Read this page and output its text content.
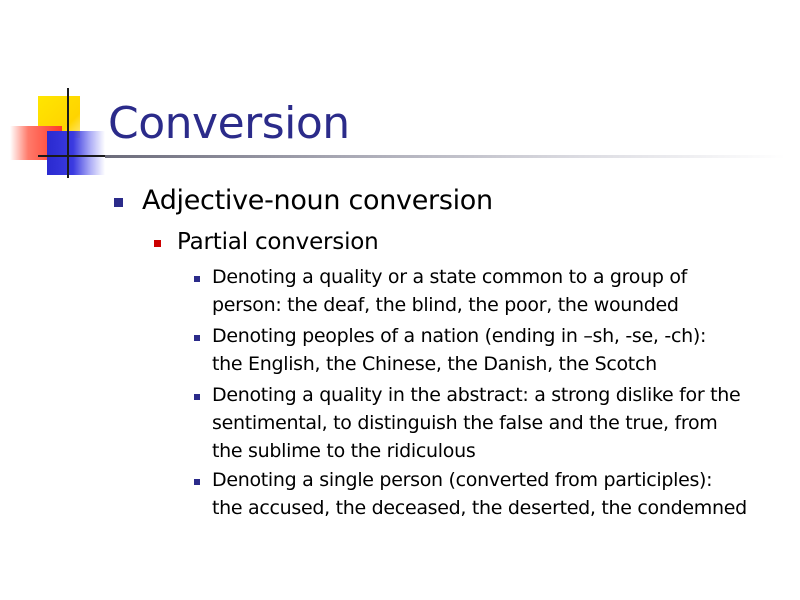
Conversion
Adjective-noun conversion
Partial conversion
Denoting a quality or a state common to a group of
person: the deaf, the blind, the poor, the wounded
Denoting peoples of a nation (ending in –sh, -se, -ch):
the English, the Chinese, the Danish, the Scotch
Denoting a quality in the abstract: a strong dislike for the
sentimental, to distinguish the false and the true, from
the sublime to the ridiculous
Denoting a single person (converted from participles):
the accused, the deceased, the deserted, the condemned
